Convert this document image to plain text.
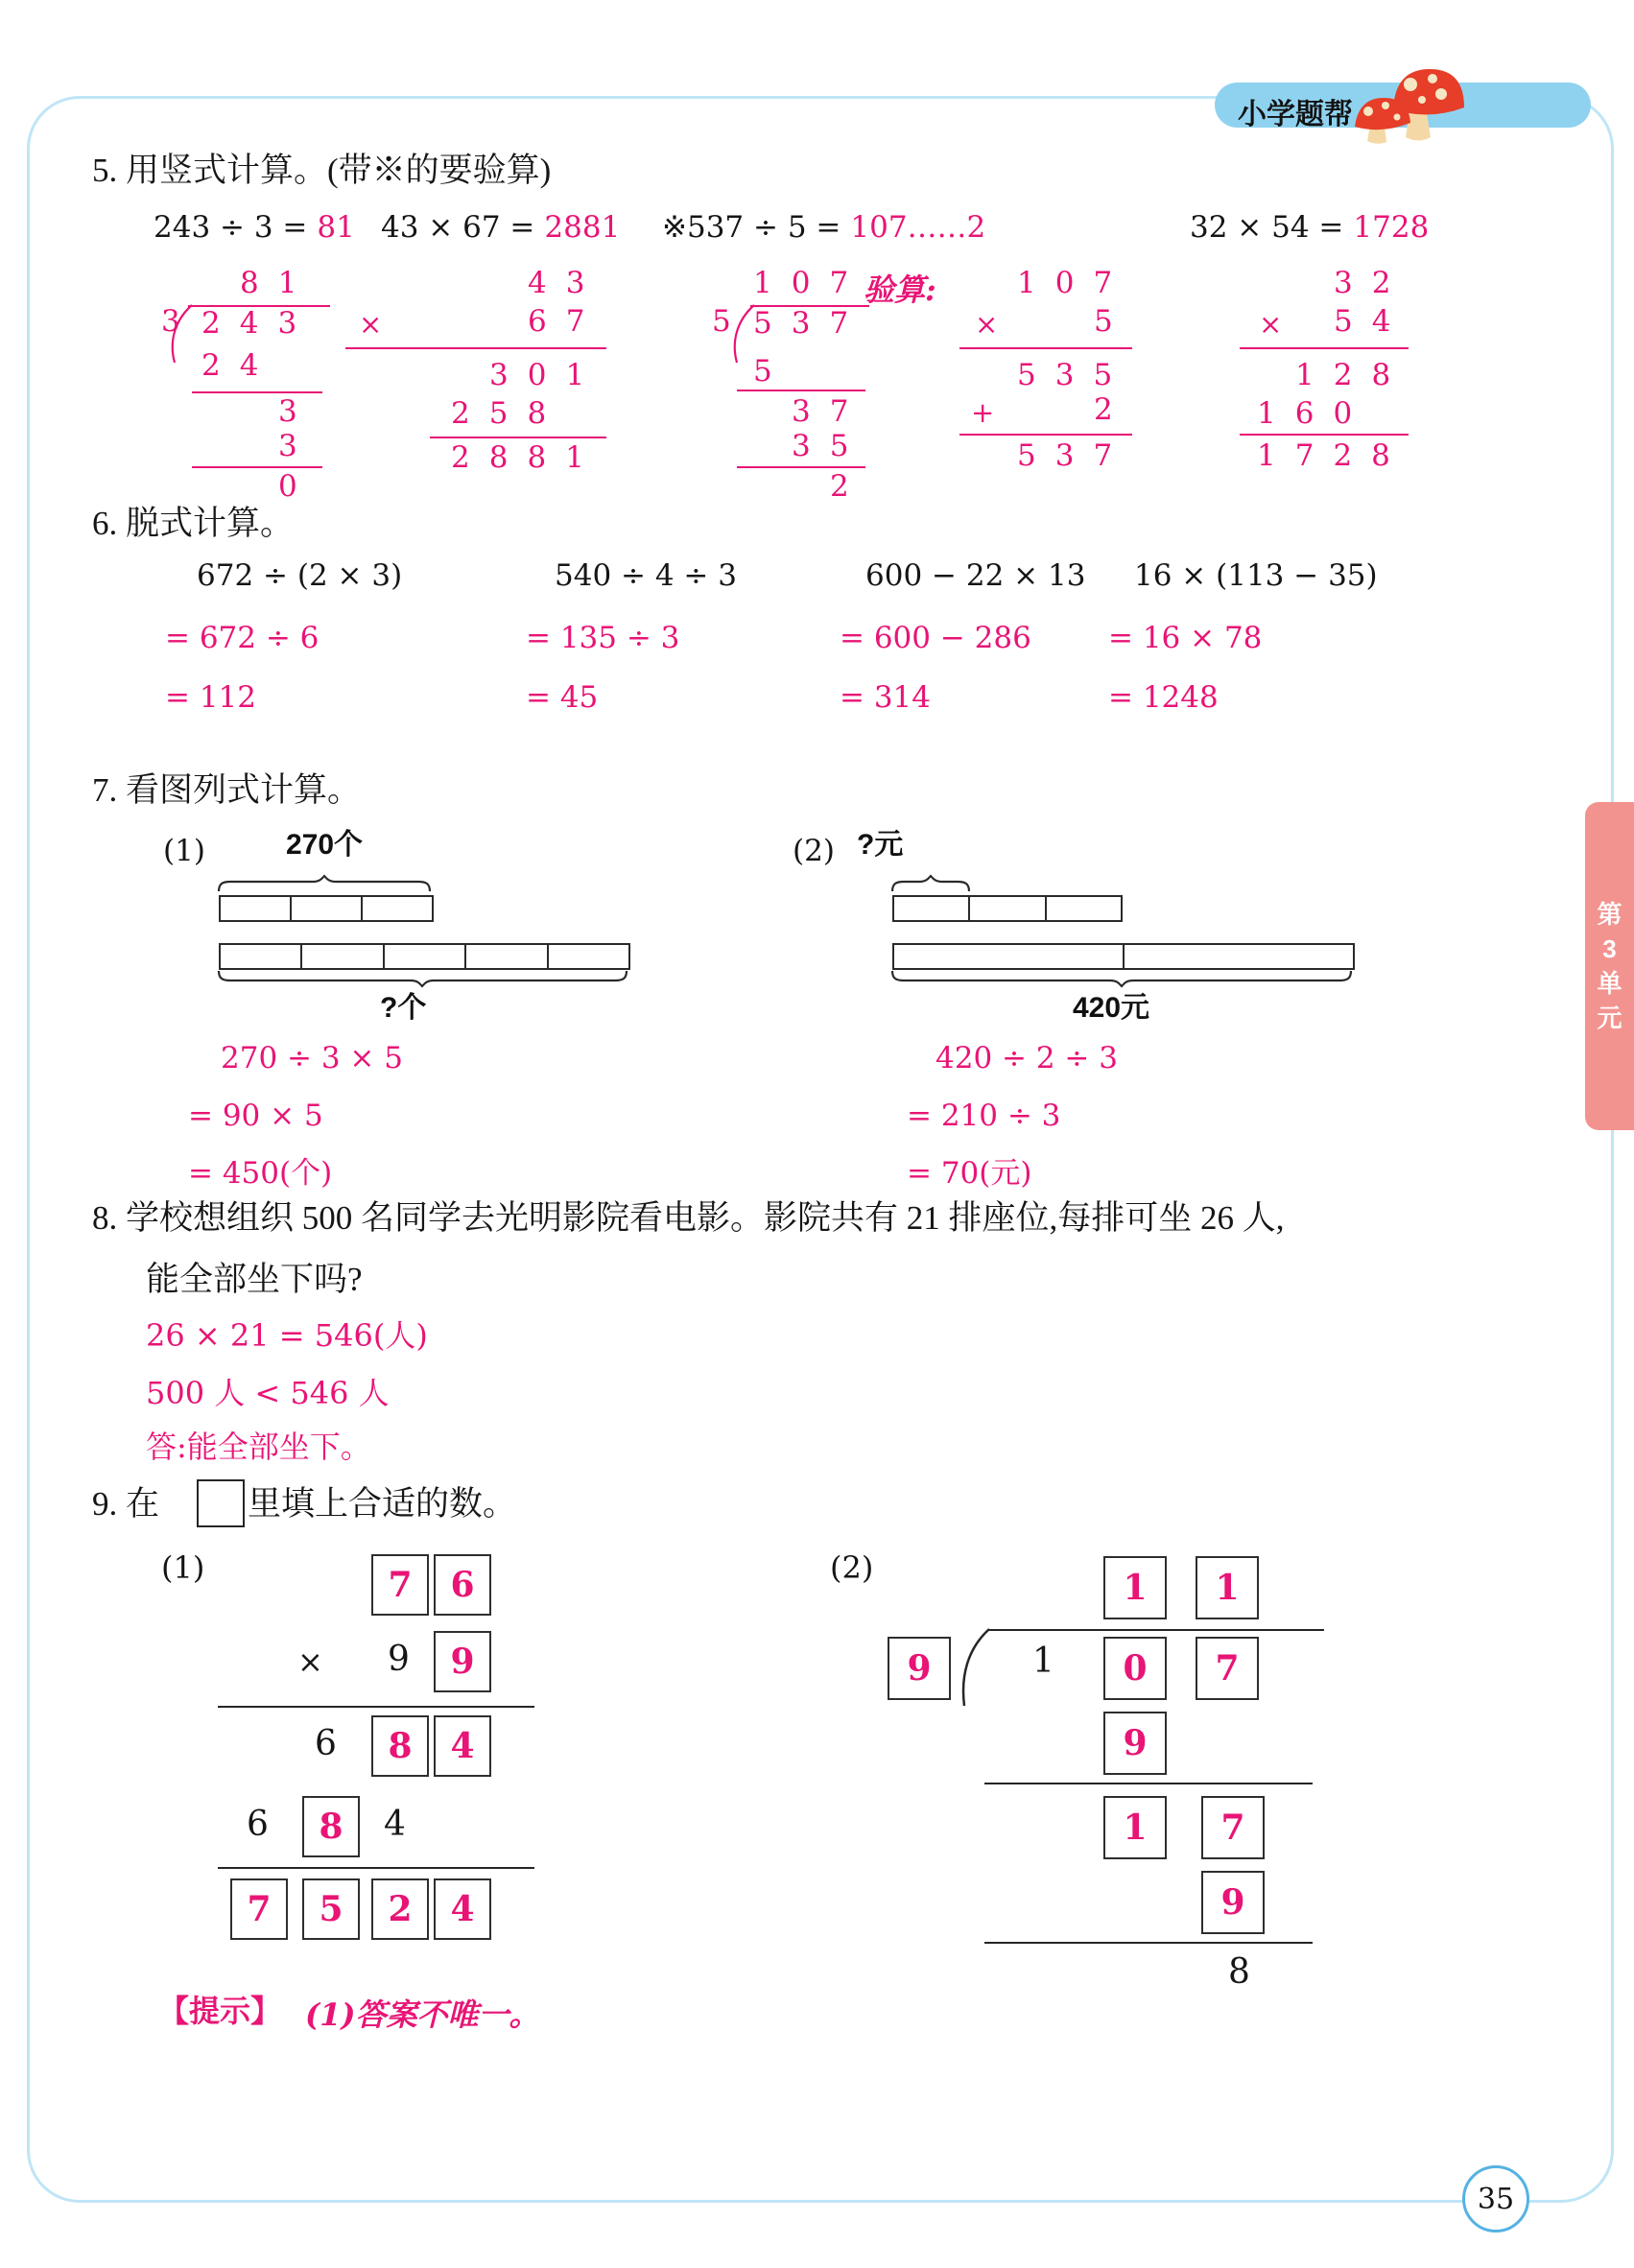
小学题帮
第
3
单
元
35
5. 用竖式计算。(带※的要验算)
243 ÷ 3 = 81 43 × 67 = 2881 ※537 ÷ 5 = 107……2	32 × 54 = 1728
81
3 243
24
3
3
0
43
×	67
301
258
2881
107
验算:
5 537
5
37
35
2
107
×	5
535
+	2
537
32
× 54
128
160
1728
6. 脱式计算。
672 ÷ (2 × 3)	540 ÷ 4 ÷ 3	600 − 22 × 13 16 × (113 − 35)
= 672 ÷ 6	= 135 ÷ 3	= 600 − 286	= 16 × 78
= 112	= 45	= 314	= 1248
7. 看图列式计算。
(1)	270个
?个
270 ÷ 3 × 5
= 90 × 5
= 450(个)
(2) ?元
420元
420 ÷ 2 ÷ 3
= 210 ÷ 3
= 70(元)
8. 学校想组织 500 名同学去光明影院看电影。影院共有 21 排座位,每排可坐 26 人,
能全部坐下吗?
26 × 21 = 546(人)
500 人 < 546 人
答:能全部坐下。
9. 在	里填上合适的数。
(1)	7	6
× 9	9
6	8	4
6	8	4
7	5	2	4
(2)	1	1
9	1	0	7
9
1	7
9
8
【提示】 (1)答案不唯一。
